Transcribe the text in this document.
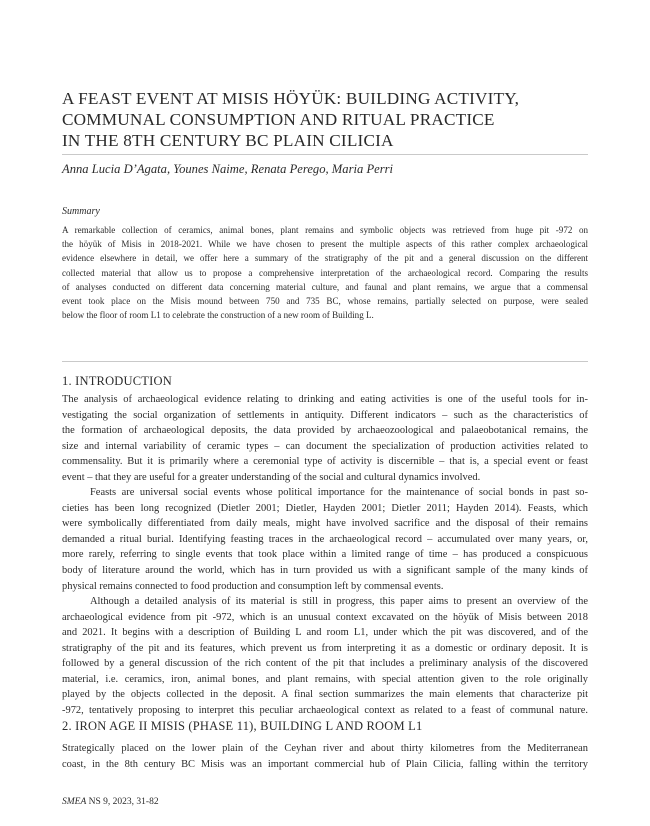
A FEAST EVENT AT MISIS HÖYÜK: BUILDING ACTIVITY,
COMMUNAL CONSUMPTION AND RITUAL PRACTICE
IN THE 8TH CENTURY BC PLAIN CILICIA
Anna Lucia D’Agata, Younes Naime, Renata Perego, Maria Perri
Summary
A remarkable collection of ceramics, animal bones, plant remains and symbolic objects was retrieved from huge pit -972 on
the höyük of Misis in 2018-2021. While we have chosen to present the multiple aspects of this rather complex archaeological
evidence elsewhere in detail, we offer here a summary of the stratigraphy of the pit and a general discussion on the different
collected material that allow us to propose a comprehensive interpretation of the archaeological record. Comparing the results
of analyses conducted on different data concerning material culture, and faunal and plant remains, we argue that a commensal
event took place on the Misis mound between 750 and 735 BC, whose remains, partially selected on purpose, were sealed
below the floor of room L1 to celebrate the construction of a new room of Building L.
1. INTRODUCTION
The analysis of archaeological evidence relating to drinking and eating activities is one of the useful tools for in-
vestigating the social organization of settlements in antiquity. Different indicators – such as the characteristics of
the formation of archaeological deposits, the data provided by archaeozoological and palaeobotanical remains, the
size and internal variability of ceramic types – can document the specialization of production activities related to
commensality. But it is primarily where a ceremonial type of activity is discernible – that is, a special event or feast
event – that they are useful for a greater understanding of the social and cultural dynamics involved.
Feasts are universal social events whose political importance for the maintenance of social bonds in past so-
cieties has been long recognized (Dietler 2001; Dietler, Hayden 2001; Dietler 2011; Hayden 2014). Feasts, which
were symbolically differentiated from daily meals, might have involved sacrifice and the disposal of their remains
demanded a ritual burial. Identifying feasting traces in the archaeological record – accumulated over many years, or,
more rarely, referring to single events that took place within a limited range of time – has produced a conspicuous
body of literature around the world, which has in turn provided us with a significant sample of the many kinds of
physical remains connected to food production and consumption left by commensal events.
Although a detailed analysis of its material is still in progress, this paper aims to present an overview of the
archaeological evidence from pit -972, which is an unusual context excavated on the höyük of Misis between 2018
and 2021. It begins with a description of Building L and room L1, under which the pit was discovered, and of the
stratigraphy of the pit and its features, which prevent us from interpreting it as a domestic or ordinary deposit. It is
followed by a general discussion of the rich content of the pit that includes a preliminary analysis of the discovered
material, i.e. ceramics, iron, animal bones, and plant remains, with special attention given to the role originally
played by the objects collected in the deposit. A final section summarizes the main elements that characterize pit
-972, tentatively proposing to interpret this peculiar archaeological context as related to a feast of communal nature.
2. IRON AGE II MISIS (PHASE 11), BUILDING L AND ROOM L1
Strategically placed on the lower plain of the Ceyhan river and about thirty kilometres from the Mediterranean
coast, in the 8th century BC Misis was an important commercial hub of Plain Cilicia, falling within the territory
SMEA NS 9, 2023, 31-82
